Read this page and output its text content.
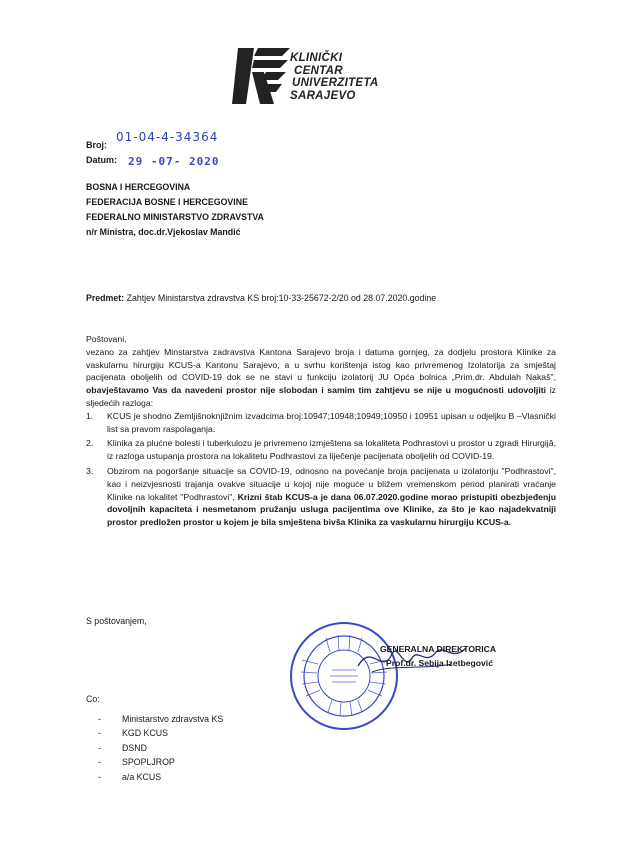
KLINIČKI
CENTAR
UNIVERZITETA
SARAJEVO
Broj:
01-04-4-34364
Datum: 29 -07- 2020
BOSNA I HERCEGOVINA
FEDERACIJA BOSNE I HERCEGOVINE
FEDERALNO MINISTARSTVO ZDRAVSTVA
n/r Ministra, doc.dr.Vjekoslav Mandić
Predmet: Zahtjev Ministarstva zdravstva KS broj:10-33-25672-2/20 od 28.07.2020.godine

Poštovani,

vezano za zahtjev Minstarstva zadravstva Kantona Sarajevo broja i datuma gornjeg, za dodjelu prostora Klinike za vaskularnu hirurgiju KCUS-a Kantonu Sarajevo, a u svrhu korištenja istog kao privremenog Izolatorija za smještaj pacijenata oboljelih od COVID-19 dok se ne stavi u funkciju izolatorij JU Opća bolnica „Prim.dr. Abdulah Nakaš", obavještavamo Vas da navedeni prostor nije slobodan i samim tim zahtjevu se nije u mogućnosti udovoljiti iz sljedećih razloga:

1. KCUS je shodno Zemljišnoknjižnim izvadcima broj:10947;10948;10949;10950 i 10951 upisan u odjeljku B –Vlasnički list sa pravom raspolaganja.
2. Klinika za plućne bolesti i tuberkulozu je privremeno izmještena sa lokaliteta Podhrastovi u prostor u zgradi Hirurgijâ, iz razloga ustupanja prostora na lokalitetu Podhrastovi za liječenje pacijenata oboljelih od COVID-19.
3. Obzirom na pogoršanje situacije sa COVID-19, odnosno na povećanje broja pacijenata u izolatoriju "Podhrastovi", kao i neizvjesnosti trajanja ovakve situacije u kojoj nije moguće u bližem vremenskom period planirati vraćanje Klinike na lokalitet "Podhrastovi", Krizni štab KCUS-a je dana 06.07.2020.godine morao pristupiti obezbjeđenju dovoljnih kapaciteta i nesmetanom pružanju usluga pacijentima ove Klinike, za što je kao najadekvatniji prostor predložen prostor u kojem je bila smještena bivša Klinika za vaskularnu hirurgiju KCUS-a.
S poštovanjem,
GENERALNA DIREKTORICA
Prof.dr. Sebija Izetbegović
Co:
- Ministarstvo zdravstva KS
- KGD KCUS
- DSND
- SPOPLJROP
- a/a KCUS
